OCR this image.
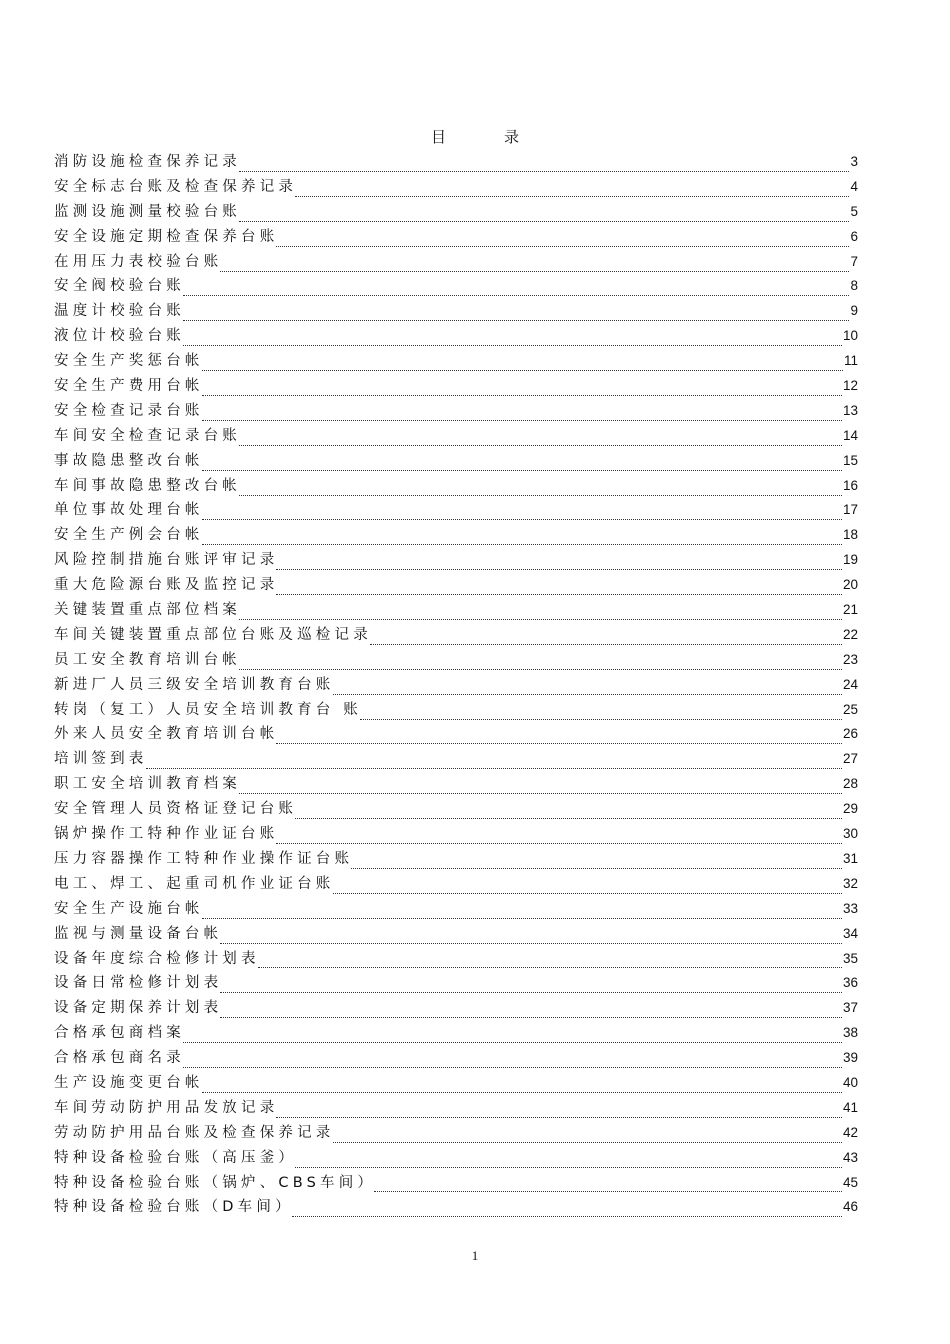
目	录
消防设施检查保养记录	3
安全标志台账及检查保养记录	4
监测设施测量校验台账	5
安全设施定期检查保养台账	6
在用压力表校验台账	7
安全阀校验台账	8
温度计校验台账	9
液位计校验台账	10
安全生产奖惩台帐	11
安全生产费用台帐	12
安全检查记录台账	13
车间安全检查记录台账	14
事故隐患整改台帐	15
车间事故隐患整改台帐	16
单位事故处理台帐	17
安全生产例会台帐	18
风险控制措施台账评审记录	19
重大危险源台账及监控记录	20
关键装置重点部位档案	21
车间关键装置重点部位台账及巡检记录	22
员工安全教育培训台帐	23
新进厂人员三级安全培训教育台账	24
转岗（复工）人员安全培训教育台 账	25
外来人员安全教育培训台帐	26
培训签到表	27
职工安全培训教育档案	28
安全管理人员资格证登记台账	29
锅炉操作工特种作业证台账	30
压力容器操作工特种作业操作证台账	31
电工、焊工、起重司机作业证台账	32
安全生产设施台帐	33
监视与测量设备台帐	34
设备年度综合检修计划表	35
设备日常检修计划表	36
设备定期保养计划表	37
合格承包商档案	38
合格承包商名录	39
生产设施变更台帐	40
车间劳动防护用品发放记录	41
劳动防护用品台账及检查保养记录	42
特种设备检验台账（高压釜）	43
特种设备检验台账（锅炉、CBS车间）	45
特种设备检验台账（D车间）	46
1
